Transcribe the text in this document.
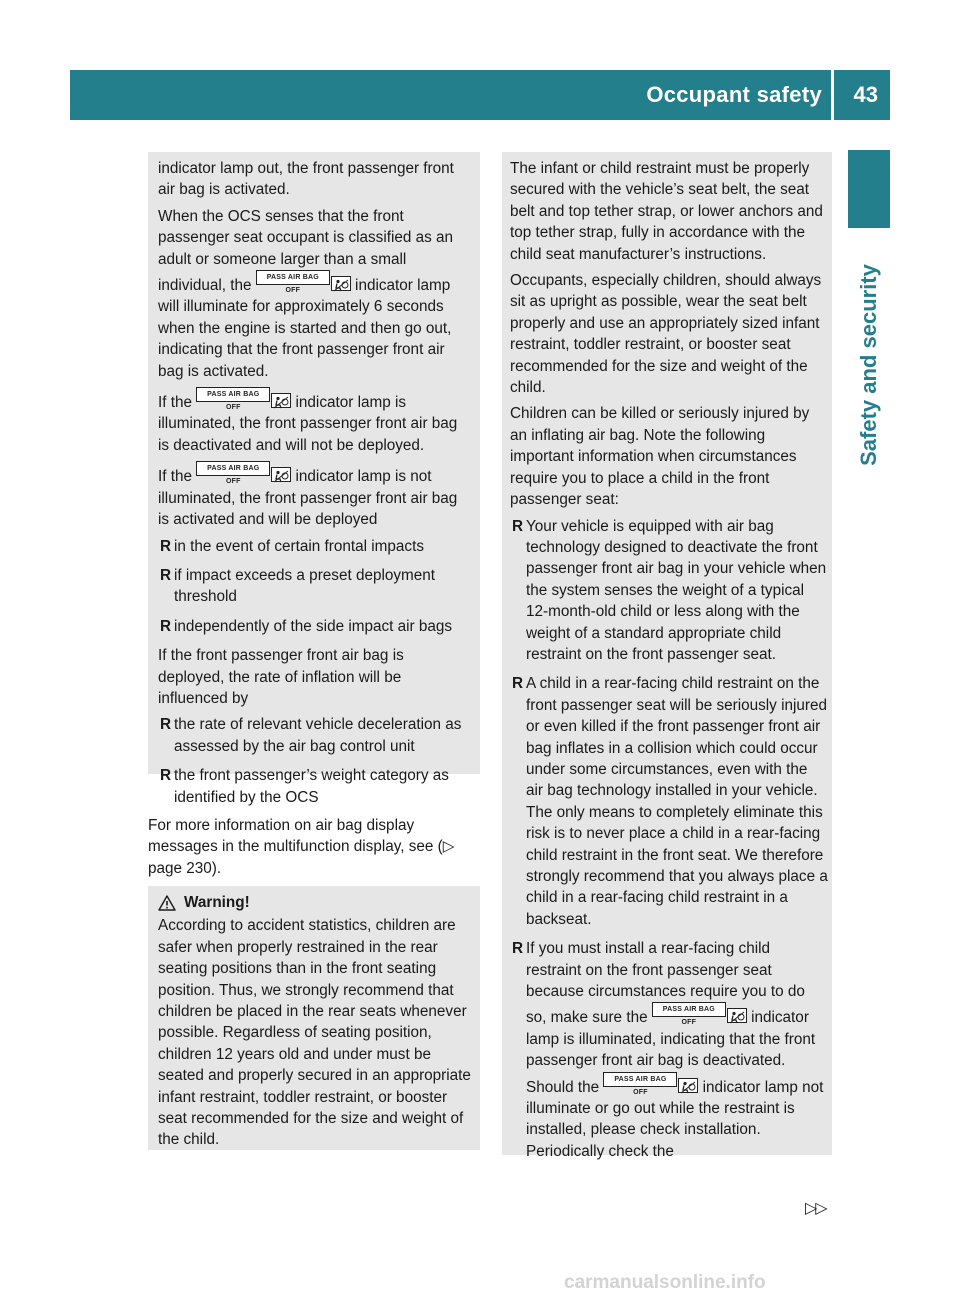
Occupant safety 43
Safety and security

indicator lamp out, the front passenger front air bag is activated.

When the OCS senses that the front passenger seat occupant is classified as an adult or someone larger than a small individual, the PASS AIR BAG OFF	indicator lamp will illuminate for approximately 6 seconds when the engine is started and then go out, indicating that the front passenger front air bag is activated.

If the PASS AIR BAG OFF	indicator lamp is illuminated, the front passenger front air bag is deactivated and will not be deployed.

If the PASS AIR BAG OFF	indicator lamp is not illuminated, the front passenger front air bag is activated and will be deployed

R in the event of certain frontal impacts
R if impact exceeds a preset deployment threshold
R independently of the side impact air bags

If the front passenger front air bag is deployed, the rate of inflation will be influenced by

R the rate of relevant vehicle deceleration as assessed by the air bag control unit
R the front passenger’s weight category as identified by the OCS
For more information on air bag display messages in the multifunction display, see (▷ page 230).
Warning!

According to accident statistics, children are safer when properly restrained in the rear seating positions than in the front seating position. Thus, we strongly recommend that children be placed in the rear seats whenever possible. Regardless of seating position, children 12 years old and under must be seated and properly secured in an appropriate infant restraint, toddler restraint, or booster seat recommended for the size and weight of the child.

The infant or child restraint must be properly secured with the vehicle’s seat belt, the seat belt and top tether strap, or lower anchors and top tether strap, fully in accordance with the child seat manufacturer’s instructions.

Occupants, especially children, should always sit as upright as possible, wear the seat belt properly and use an appropriately sized infant restraint, toddler restraint, or booster seat recommended for the size and weight of the child.

Children can be killed or seriously injured by an inflating air bag. Note the following important information when circumstances require you to place a child in the front passenger seat:

R Your vehicle is equipped with air bag technology designed to deactivate the front passenger front air bag in your vehicle when the system senses the weight of a typical 12-month-old child or less along with the weight of a standard appropriate child restraint on the front passenger seat.
R A child in a rear-facing child restraint on the front passenger seat will be seriously injured or even killed if the front passenger front air bag inflates in a collision which could occur under some circumstances, even with the air bag technology installed in your vehicle. The only means to completely eliminate this risk is to never place a child in a rear-facing child restraint in the front seat. We therefore strongly recommend that you always place a child in a rear-facing child restraint in a backseat.
R If you must install a rear-facing child restraint on the front passenger seat because circumstances require you to do so, make sure the PASS AIR BAG OFF	indicator lamp is illuminated, indicating that the front passenger front air bag is deactivated. Should the PASS AIR BAG OFF	indicator lamp not illuminate or go out while the restraint is installed, please check installation. Periodically check the
▷▷
carmanualsonline.info
